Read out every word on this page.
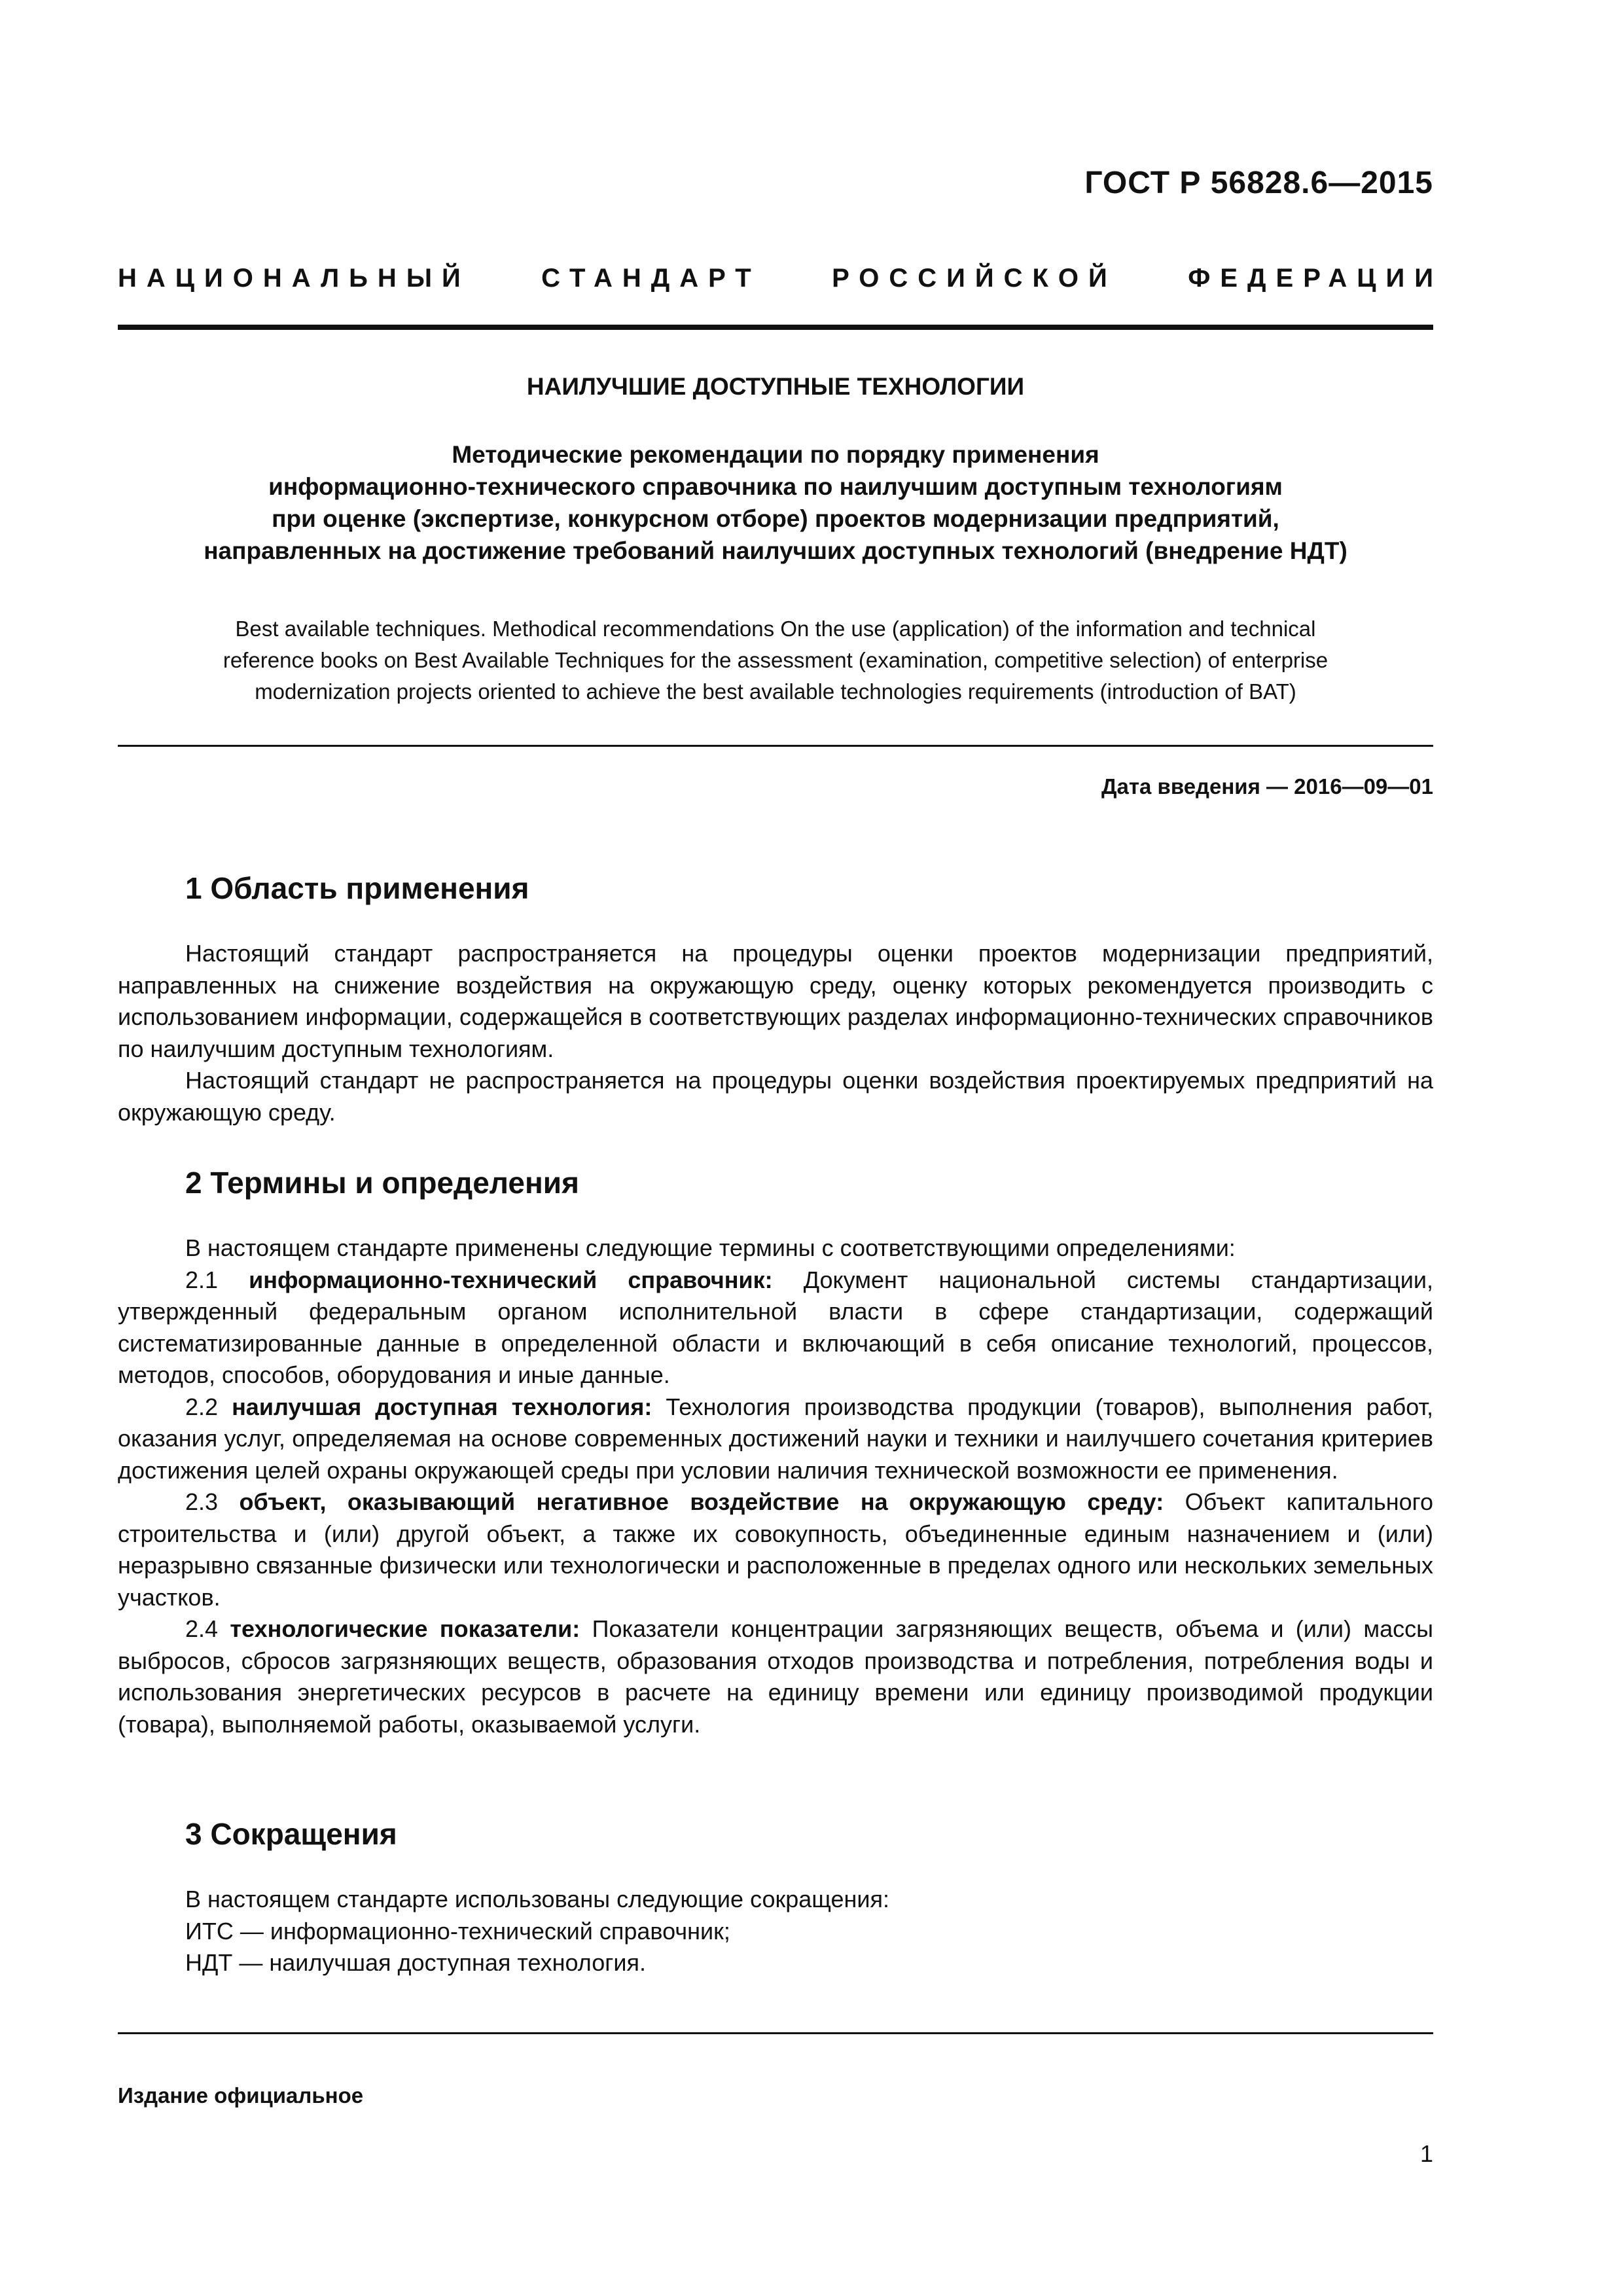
ГОСТ Р 56828.6—2015
НАЦИОНАЛЬНЫЙ	СТАНДАРТ	РОССИЙСКОЙ	ФЕДЕРАЦИИ
НАИЛУЧШИЕ ДОСТУПНЫЕ ТЕХНОЛОГИИ
Методические рекомендации по порядку применения
информационно-технического справочника по наилучшим доступным технологиям
при оценке (экспертизе, конкурсном отборе) проектов модернизации предприятий,
направленных на достижение требований наилучших доступных технологий (внедрение НДТ)
Best available techniques. Methodical recommendations On the use (application) of the information and technical
reference books on Best Available Techniques for the assessment (examination, competitive selection) of enterprise
modernization projects oriented to achieve the best available technologies requirements (introduction of BAT)
Дата введения — 2016—09—01
1 Область применения

Настоящий стандарт распространяется на процедуры оценки проектов модернизации предприятий, направленных на снижение воздействия на окружающую среду, оценку которых рекомендуется производить с использованием информации, содержащейся в соответствующих разделах информационно-технических справочников по наилучшим доступным технологиям.

Настоящий стандарт не распространяется на процедуры оценки воздействия проектируемых предприятий на окружающую среду.

2 Термины и определения

В настоящем стандарте применены следующие термины с соответствующими определениями:

2.1 информационно-технический справочник: Документ национальной системы стандартизации, утвержденный федеральным органом исполнительной власти в сфере стандартизации, содержащий систематизированные данные в определенной области и включающий в себя описание технологий, процессов, методов, способов, оборудования и иные данные.

2.2 наилучшая доступная технология: Технология производства продукции (товаров), выполнения работ, оказания услуг, определяемая на основе современных достижений науки и техники и наилучшего сочетания критериев достижения целей охраны окружающей среды при условии наличия технической возможности ее применения.

2.3 объект, оказывающий негативное воздействие на окружающую среду: Объект капитального строительства и (или) другой объект, а также их совокупность, объединенные единым назначением и (или) неразрывно связанные физически или технологически и расположенные в пределах одного или нескольких земельных участков.

2.4 технологические показатели: Показатели концентрации загрязняющих веществ, объема и (или) массы выбросов, сбросов загрязняющих веществ, образования отходов производства и потребления, потребления воды и использования энергетических ресурсов в расчете на единицу времени или единицу производимой продукции (товара), выполняемой работы, оказываемой услуги.

3 Сокращения

В настоящем стандарте использованы следующие сокращения:

ИТС — информационно-технический справочник;

НДТ — наилучшая доступная технология.

Издание официальное
1
